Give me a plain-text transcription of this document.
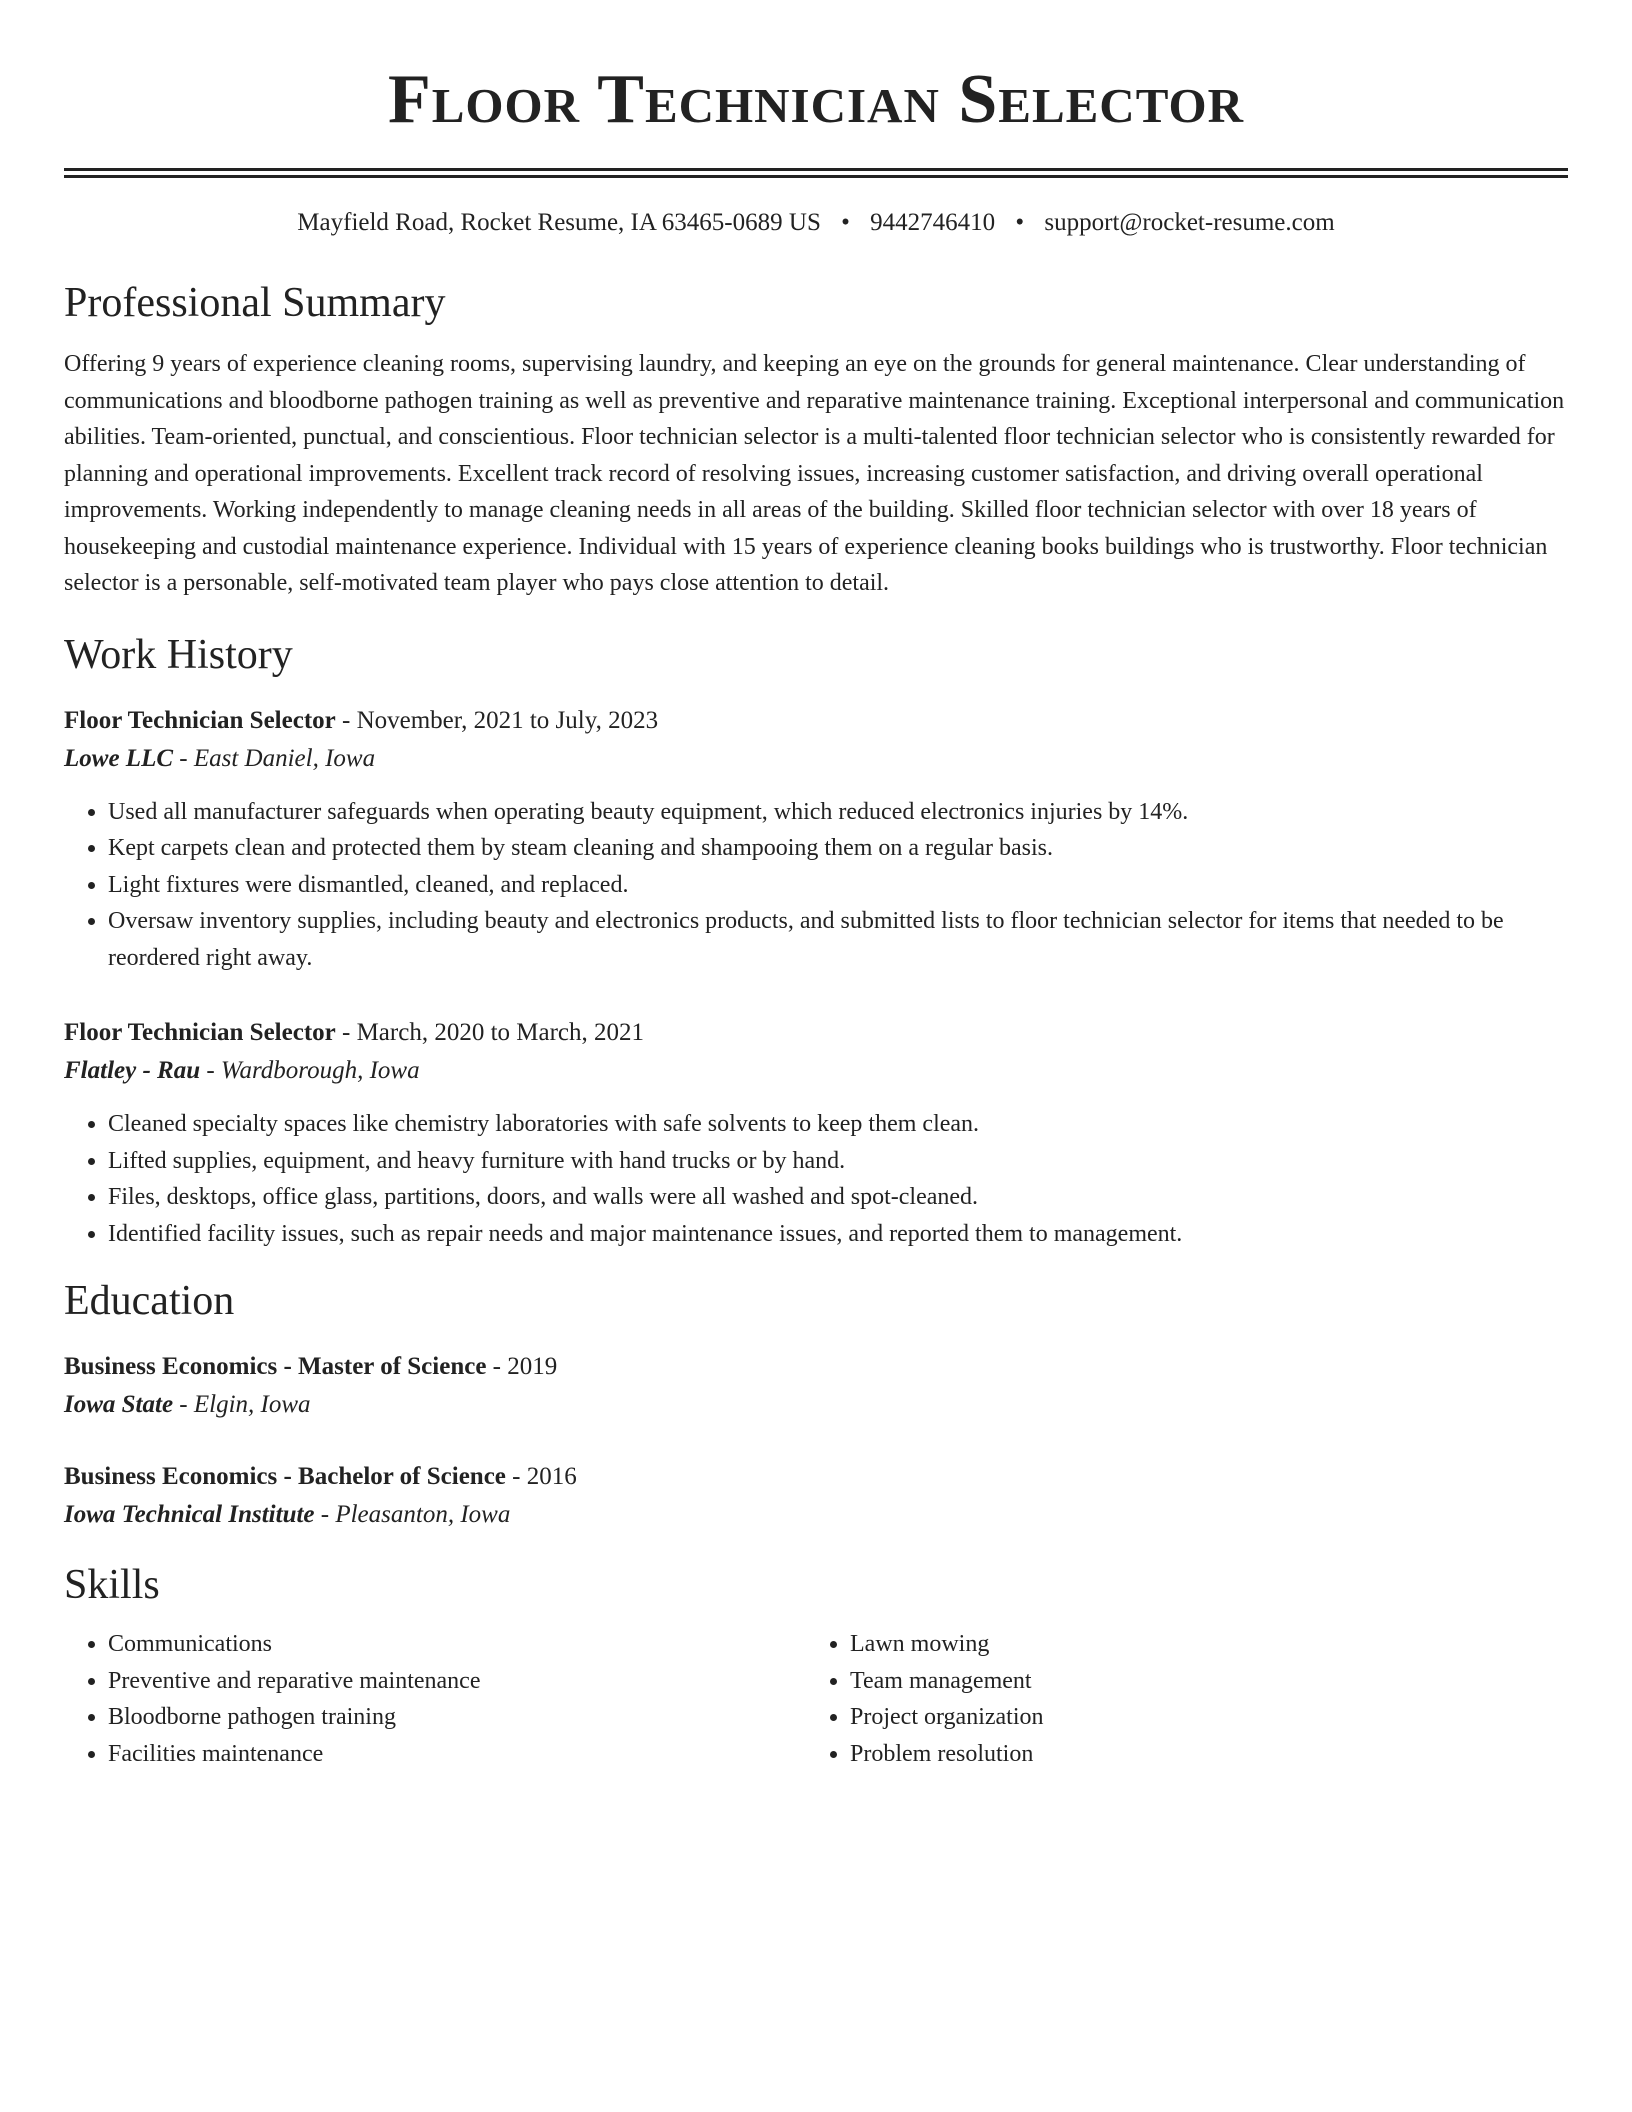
Floor Technician Selector
Mayfield Road, Rocket Resume, IA 63465-0689 US • 9442746410 • support@rocket-resume.com
Professional Summary

Offering 9 years of experience cleaning rooms, supervising laundry, and keeping an eye on the grounds for general maintenance. Clear understanding of communications and bloodborne pathogen training as well as preventive and reparative maintenance training. Exceptional interpersonal and communication abilities. Team-oriented, punctual, and conscientious. Floor technician selector is a multi-talented floor technician selector who is consistently rewarded for planning and operational improvements. Excellent track record of resolving issues, increasing customer satisfaction, and driving overall operational improvements. Working independently to manage cleaning needs in all areas of the building. Skilled floor technician selector with over 18 years of housekeeping and custodial maintenance experience. Individual with 15 years of experience cleaning books buildings who is trustworthy. Floor technician selector is a personable, self-motivated team player who pays close attention to detail.

Work History
Floor Technician Selector - November, 2021 to July, 2023
Lowe LLC - East Daniel, Iowa
• Used all manufacturer safeguards when operating beauty equipment, which reduced electronics injuries by 14%.
• Kept carpets clean and protected them by steam cleaning and shampooing them on a regular basis.
• Light fixtures were dismantled, cleaned, and replaced.
• Oversaw inventory supplies, including beauty and electronics products, and submitted lists to floor technician selector for items that needed to be reordered right away.
Floor Technician Selector - March, 2020 to March, 2021
Flatley - Rau - Wardborough, Iowa
• Cleaned specialty spaces like chemistry laboratories with safe solvents to keep them clean.
• Lifted supplies, equipment, and heavy furniture with hand trucks or by hand.
• Files, desktops, office glass, partitions, doors, and walls were all washed and spot-cleaned.
• Identified facility issues, such as repair needs and major maintenance issues, and reported them to management.
Education
Business Economics - Master of Science - 2019
Iowa State - Elgin, Iowa
Business Economics - Bachelor of Science - 2016
Iowa Technical Institute - Pleasanton, Iowa
Skills
• Communications
• Preventive and reparative maintenance
• Bloodborne pathogen training
• Facilities maintenance
• Lawn mowing
• Team management
• Project organization
• Problem resolution
